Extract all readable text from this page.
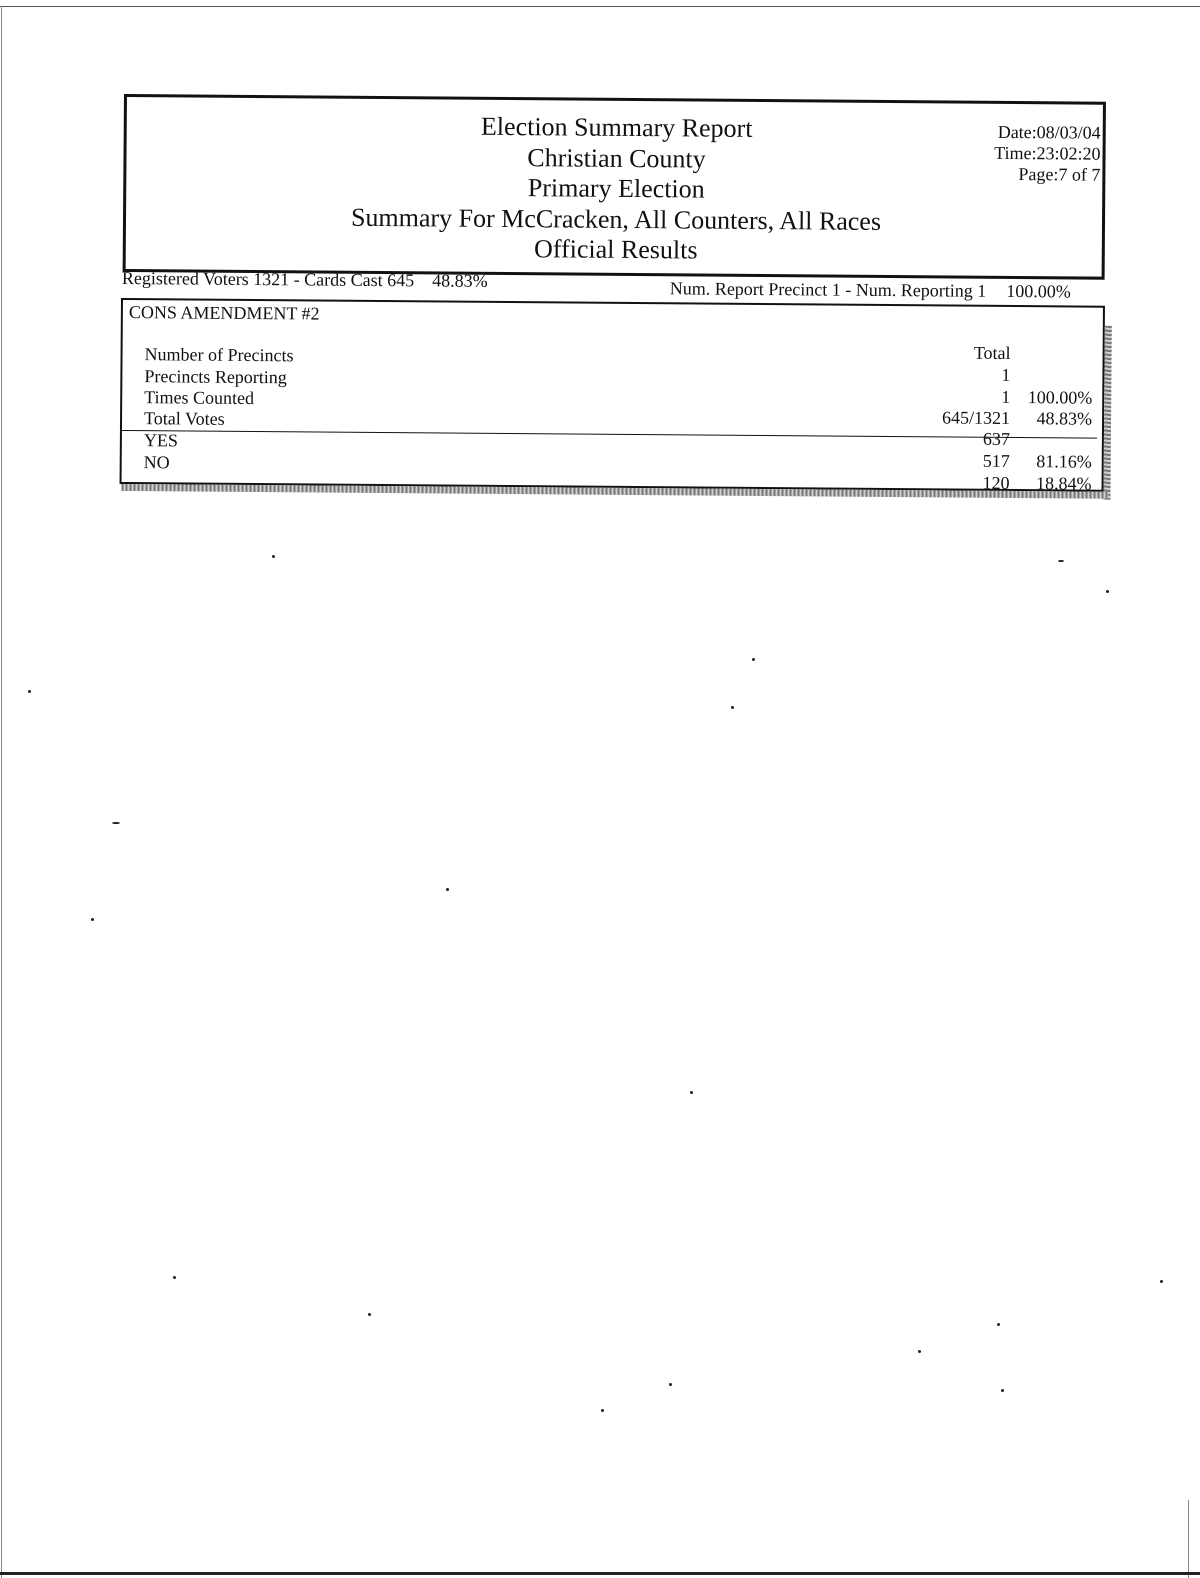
Election Summary Report
Christian County
Primary Election
Summary For McCracken, All Counters, All Races
Official Results
Date:08/03/04
Time:23:02:20
Page:7 of 7
Registered Voters 1321 - Cards Cast 645 48.83%	Num. Report Precinct 1 - Num. Reporting 1 100.00%
CONS AMENDMENT #2
Total
Number of Precincts
Precincts Reporting
Times Counted
Total Votes
YES
NO
1
1
645/1321
637
517
120
100.00%
48.83%
81.16%
18.84%
